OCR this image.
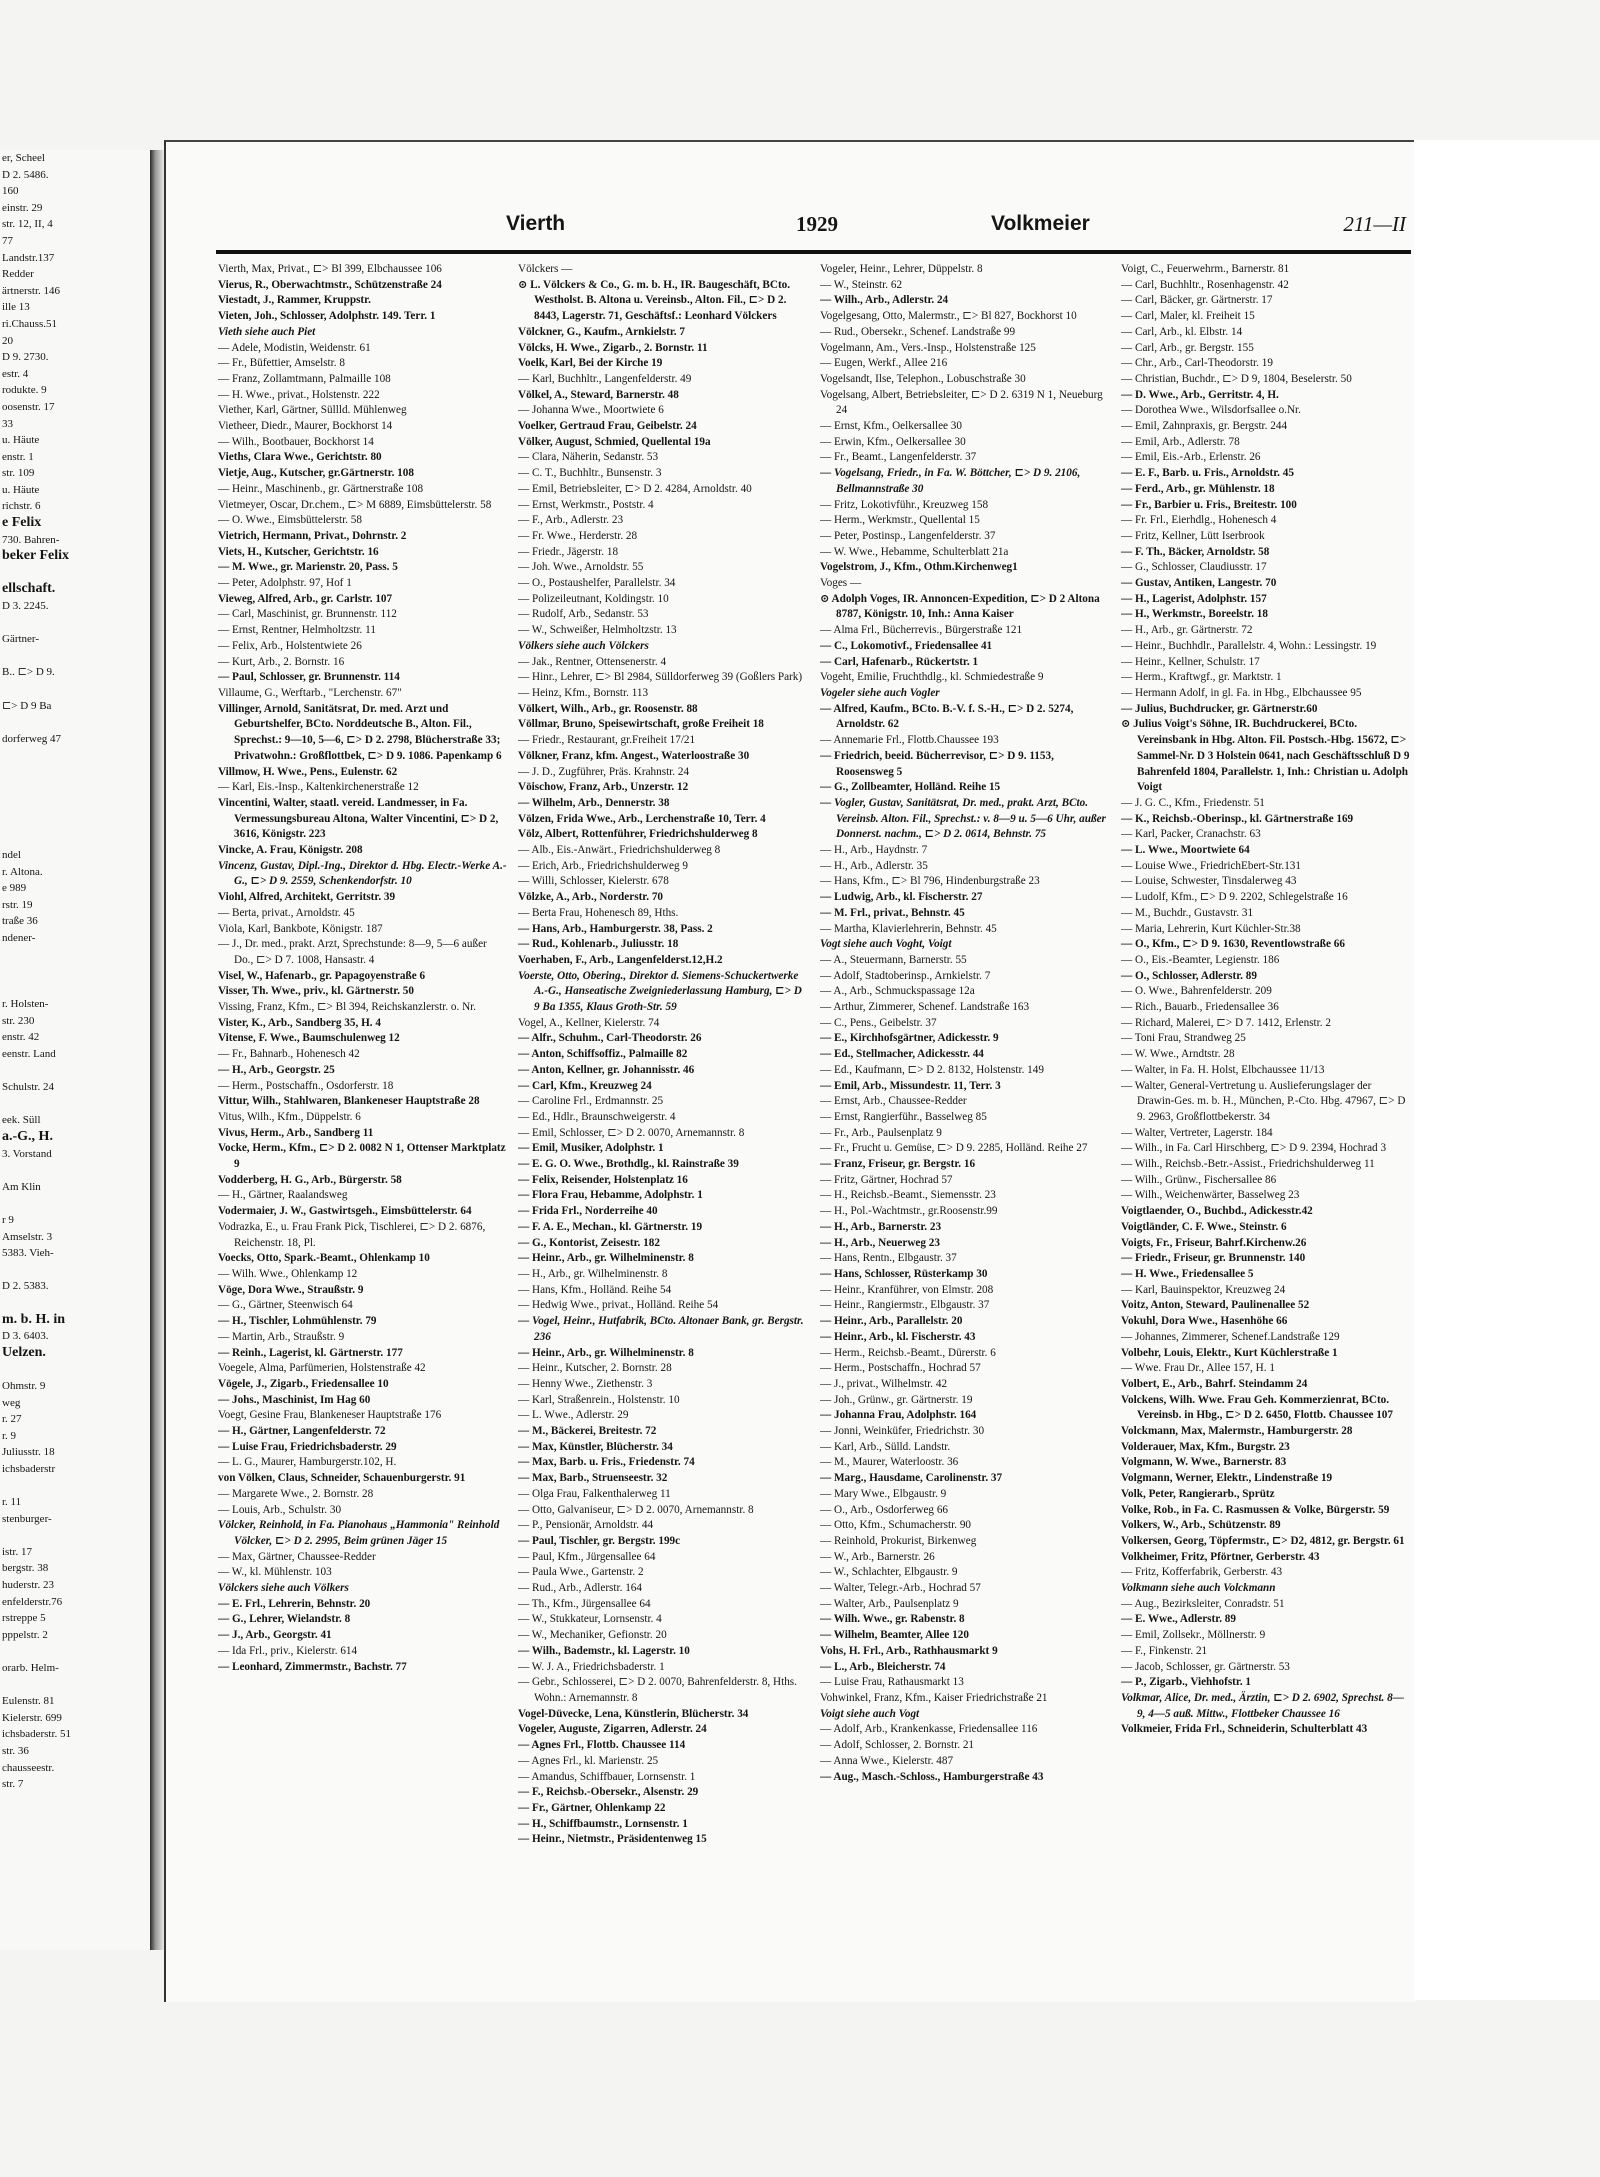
er, Scheel
D 2. 5486.
160
einstr. 29
str. 12, II, 4
77
Landstr.137
Redder
ärtnerstr. 146
ille 13
ri.Chauss.51
20
D 9. 2730.
estr. 4
rodukte. 9
oosenstr. 17
33
u. Häute
enstr. 1
str. 109
u. Häute
richstr. 6
e Felix
730. Bahren-
beker Felix

ellschaft.
D 3. 2245.

Gärtner-

B.. ⊏> D 9.

⊏> D 9 Ba

dorferweg 47

ndel
r. Altona.
e 989
rstr. 19
traße 36
ndener-

r. Holsten-
str. 230
enstr. 42
eenstr. Land

Schulstr. 24

eek. Süll
a.-G., H.
3. Vorstand

Am Klin

r 9
Amselstr. 3
5383. Vieh-

D 2. 5383.

m. b. H. in
D 3. 6403.
Uelzen.

Ohmstr. 9
weg
r. 27
r. 9
Juliusstr. 18
ichsbaderstr

r. 11
stenburger-

istr. 17
bergstr. 38
huderstr. 23
enfelderstr.76
rstreppe 5
pppelstr. 2

orarb. Helm-

Eulenstr. 81
Kielerstr. 699
ichsbaderstr. 51
str. 36
chausseestr.
str. 7
Vierth	1929	Volkmeier	211—II
Vierth, Max, Privat., ⊏> Bl 399, Elbchaussee 106
Vierus, R., Oberwachtmstr., Schützenstraße 24
Viestadt, J., Rammer, Kruppstr.
Vieten, Joh., Schlosser, Adolphstr. 149. Terr. 1
Vieth siehe auch Piet
— Adele, Modistin, Weidenstr. 61
— Fr., Büfettier, Amselstr. 8
— Franz, Zollamtmann, Palmaille 108
— H. Wwe., privat., Holstenstr. 222
Viether, Karl, Gärtner, Süllld. Mühlenweg
Vietheer, Diedr., Maurer, Bockhorst 14
— Wilh., Bootbauer, Bockhorst 14
Vieths, Clara Wwe., Gerichtstr. 80
Vietje, Aug., Kutscher, gr.Gärtnerstr. 108
— Heinr., Maschinenb., gr. Gärtnerstraße 108
Vietmeyer, Oscar, Dr.chem., ⊏> M 6889, Eimsbüttelerstr. 58
— O. Wwe., Eimsbüttelerstr. 58
Vietrich, Hermann, Privat., Dohrnstr. 2
Viets, H., Kutscher, Gerichtstr. 16
— M. Wwe., gr. Marienstr. 20, Pass. 5
— Peter, Adolphstr. 97, Hof 1
Vieweg, Alfred, Arb., gr. Carlstr. 107
— Carl, Maschinist, gr. Brunnenstr. 112
— Ernst, Rentner, Helmholtzstr. 11
— Felix, Arb., Holstentwiete 26
— Kurt, Arb., 2. Bornstr. 16
— Paul, Schlosser, gr. Brunnenstr. 114
Villaume, G., Werftarb., "Lerchenstr. 67"
Villinger, Arnold, Sanitätsrat, Dr. med. Arzt und Geburtshelfer, BCto. Norddeutsche B., Alton. Fil., Sprechst.: 9—10, 5—6, ⊏> D 2. 2798, Blücherstraße 33; Privatwohn.: Großflottbek, ⊏> D 9. 1086. Papenkamp 6
Villmow, H. Wwe., Pens., Eulenstr. 62
— Karl, Eis.-Insp., Kaltenkirchenerstraße 12
Vincentini, Walter, staatl. vereid. Landmesser, in Fa. Vermessungsbureau Altona, Walter Vincentini, ⊏> D 2, 3616, Königstr. 223
Vincke, A. Frau, Königstr. 208
Vincenz, Gustav, Dipl.-Ing., Direktor d. Hbg. Electr.-Werke A.-G., ⊏> D 9. 2559, Schenkendorfstr. 10
Viohl, Alfred, Architekt, Gerritstr. 39
— Berta, privat., Arnoldstr. 45
Viola, Karl, Bankbote, Königstr. 187
— J., Dr. med., prakt. Arzt, Sprechstunde: 8—9, 5—6 außer Do., ⊏> D 7. 1008, Hansastr. 4
Visel, W., Hafenarb., gr. Papagoyenstraße 6
Visser, Th. Wwe., priv., kl. Gärtnerstr. 50
Vissing, Franz, Kfm., ⊏> Bl 394, Reichskanzlerstr. o. Nr.
Vister, K., Arb., Sandberg 35, H. 4
Vitense, F. Wwe., Baumschulenweg 12
— Fr., Bahnarb., Hohenesch 42
— H., Arb., Georgstr. 25
— Herm., Postschaffn., Osdorferstr. 18
Vittur, Wilh., Stahlwaren, Blankeneser Hauptstraße 28
Vitus, Wilh., Kfm., Düppelstr. 6
Vivus, Herm., Arb., Sandberg 11
Vocke, Herm., Kfm., ⊏> D 2. 0082 N 1, Ottenser Marktplatz 9
Vodderberg, H. G., Arb., Bürgerstr. 58
— H., Gärtner, Raalandsweg
Vodermaier, J. W., Gastwirtsgeh., Eimsbüttelerstr. 64
Vodrazka, E., u. Frau Frank Pick, Tischlerei, ⊏> D 2. 6876, Reichenstr. 18, Pl.
Voecks, Otto, Spark.-Beamt., Ohlenkamp 10
— Wilh. Wwe., Ohlenkamp 12
Vöge, Dora Wwe., Straußstr. 9
— G., Gärtner, Steenwisch 64
— H., Tischler, Lohmühlenstr. 79
— Martin, Arb., Straußstr. 9
— Reinh., Lagerist, kl. Gärtnerstr. 177
Voegele, Alma, Parfümerien, Holstenstraße 42
Vögele, J., Zigarb., Friedensallee 10
— Johs., Maschinist, Im Hag 60
Voegt, Gesine Frau, Blankeneser Hauptstraße 176
— H., Gärtner, Langenfelderstr. 72
— Luise Frau, Friedrichsbaderstr. 29
— L. G., Maurer, Hamburgerstr.102, H.
von Völken, Claus, Schneider, Schauenburgerstr. 91
— Margarete Wwe., 2. Bornstr. 28
— Louis, Arb., Schulstr. 30
Völcker, Reinhold, in Fa. Pianohaus „Hammonia" Reinhold Völcker, ⊏> D 2. 2995, Beim grünen Jäger 15
— Max, Gärtner, Chaussee-Redder
— W., kl. Mühlenstr. 103
Völckers siehe auch Völkers
— E. Frl., Lehrerin, Behnstr. 20
— G., Lehrer, Wielandstr. 8
— J., Arb., Georgstr. 41
— Ida Frl., priv., Kielerstr. 614
— Leonhard, Zimmermstr., Bachstr. 77
Völckers —
⊙ L. Völckers & Co., G. m. b. H., IR. Baugeschäft, BCto. Westholst. B. Altona u. Vereinsb., Alton. Fil., ⊏> D 2. 8443, Lagerstr. 71, Geschäftsf.: Leonhard Völckers
Völckner, G., Kaufm., Arnkielstr. 7
Völcks, H. Wwe., Zigarb., 2. Bornstr. 11
Voelk, Karl, Bei der Kirche 19
— Karl, Buchhltr., Langenfelderstr. 49
Völkel, A., Steward, Barnerstr. 48
— Johanna Wwe., Moortwiete 6
Voelker, Gertraud Frau, Geibelstr. 24
Völker, August, Schmied, Quellental 19a
— Clara, Näherin, Sedanstr. 53
— C. T., Buchhltr., Bunsenstr. 3
— Emil, Betriebsleiter, ⊏> D 2. 4284, Arnoldstr. 40
— Ernst, Werkmstr., Poststr. 4
— F., Arb., Adlerstr. 23
— Fr. Wwe., Herderstr. 28
— Friedr., Jägerstr. 18
— Joh. Wwe., Arnoldstr. 55
— O., Postaushelfer, Parallelstr. 34
— Polizeileutnant, Koldingstr. 10
— Rudolf, Arb., Sedanstr. 53
— W., Schweißer, Helmholtzstr. 13
Völkers siehe auch Völckers
— Jak., Rentner, Ottensenerstr. 4
— Hinr., Lehrer, ⊏> Bl 2984, Sülldorferweg 39 (Goßlers Park)
— Heinz, Kfm., Bornstr. 113
Völkert, Wilh., Arb., gr. Roosenstr. 88
Völlmar, Bruno, Speisewirtschaft, große Freiheit 18
— Friedr., Restaurant, gr.Freiheit 17/21
Völkner, Franz, kfm. Angest., Waterloostraße 30
— J. D., Zugführer, Präs. Krahnstr. 24
Vöischow, Franz, Arb., Unzerstr. 12
— Wilhelm, Arb., Dennerstr. 38
Völzen, Frida Wwe., Arb., Lerchenstraße 10, Terr. 4
Völz, Albert, Rottenführer, Friedrichshulderweg 8
— Alb., Eis.-Anwärt., Friedrichshulderweg 8
— Erich, Arb., Friedrichshulderweg 9
— Willi, Schlosser, Kielerstr. 678
Völzke, A., Arb., Norderstr. 70
— Berta Frau, Hohenesch 89, Hths.
— Hans, Arb., Hamburgerstr. 38, Pass. 2
— Rud., Kohlenarb., Juliusstr. 18
Voerhaben, F., Arb., Langenfelderst.12,H.2
Voerste, Otto, Obering., Direktor d. Siemens-Schuckertwerke A.-G., Hanseatische Zweigniederlassung Hamburg, ⊏> D 9 Ba 1355, Klaus Groth-Str. 59
Vogel, A., Kellner, Kielerstr. 74
— Alfr., Schuhm., Carl-Theodorstr. 26
— Anton, Schiffsoffiz., Palmaille 82
— Anton, Kellner, gr. Johannisstr. 46
— Carl, Kfm., Kreuzweg 24
— Caroline Frl., Erdmannstr. 25
— Ed., Hdlr., Braunschweigerstr. 4
— Emil, Schlosser, ⊏> D 2. 0070, Arnemannstr. 8
— Emil, Musiker, Adolphstr. 1
— E. G. O. Wwe., Brothdlg., kl. Rainstraße 39
— Felix, Reisender, Holstenplatz 16
— Flora Frau, Hebamme, Adolphstr. 1
— Frida Frl., Norderreihe 40
— F. A. E., Mechan., kl. Gärtnerstr. 19
— G., Kontorist, Zeisestr. 182
— Heinr., Arb., gr. Wilhelminenstr. 8
— H., Arb., gr. Wilhelminenstr. 8
— Hans, Kfm., Holländ. Reihe 54
— Hedwig Wwe., privat., Holländ. Reihe 54
— Vogel, Heinr., Hutfabrik, BCto. Altonaer Bank, gr. Bergstr. 236
— Heinr., Arb., gr. Wilhelminenstr. 8
— Heinr., Kutscher, 2. Bornstr. 28
— Henny Wwe., Ziethenstr. 3
— Karl, Straßenrein., Holstenstr. 10
— L. Wwe., Adlerstr. 29
— M., Bäckerei, Breitestr. 72
— Max, Künstler, Blücherstr. 34
— Max, Barb. u. Fris., Friedenstr. 74
— Max, Barb., Struenseestr. 32
— Olga Frau, Falkenthalerweg 11
— Otto, Galvaniseur, ⊏> D 2. 0070, Arnemannstr. 8
— P., Pensionär, Arnoldstr. 44
— Paul, Tischler, gr. Bergstr. 199c
— Paul, Kfm., Jürgensallee 64
— Paula Wwe., Gartenstr. 2
— Rud., Arb., Adlerstr. 164
— Th., Kfm., Jürgensallee 64
— W., Stukkateur, Lornsenstr. 4
— W., Mechaniker, Gefionstr. 20
— Wilh., Bademstr., kl. Lagerstr. 10
— W. J. A., Friedrichsbaderstr. 1
— Gebr., Schlosserei, ⊏> D 2. 0070, Bahrenfelderstr. 8, Hths. Wohn.: Arnemannstr. 8
Vogel-Düvecke, Lena, Künstlerin, Blücherstr. 34
Vogeler, Auguste, Zigarren, Adlerstr. 24
— Agnes Frl., Flottb. Chaussee 114
— Agnes Frl., kl. Marienstr. 25
— Amandus, Schiffbauer, Lornsenstr. 1
— F., Reichsb.-Obersekr., Alsenstr. 29
— Fr., Gärtner, Ohlenkamp 22
— H., Schiffbaumstr., Lornsenstr. 1
— Heinr., Nietmstr., Präsidentenweg 15
Vogeler, Heinr., Lehrer, Düppelstr. 8
— W., Steinstr. 62
— Wilh., Arb., Adlerstr. 24
Vogelgesang, Otto, Malermstr., ⊏> Bl 827, Bockhorst 10
— Rud., Obersekr., Schenef. Landstraße 99
Vogelmann, Am., Vers.-Insp., Holstenstraße 125
— Eugen, Werkf., Allee 216
Vogelsandt, Ilse, Telephon., Lobuschstraße 30
Vogelsang, Albert, Betriebsleiter, ⊏> D 2. 6319 N 1, Neueburg 24
— Ernst, Kfm., Oelkersallee 30
— Erwin, Kfm., Oelkersallee 30
— Fr., Beamt., Langenfelderstr. 37
— Vogelsang, Friedr., in Fa. W. Böttcher, ⊏> D 9. 2106, Bellmannstraße 30
— Fritz, Lokotivführ., Kreuzweg 158
— Herm., Werkmstr., Quellental 15
— Peter, Postinsp., Langenfelderstr. 37
— W. Wwe., Hebamme, Schulterblatt 21a
Vogelstrom, J., Kfm., Othm.Kirchenweg1
Voges —
⊙ Adolph Voges, IR. Annoncen-Expedition, ⊏> D 2 Altona 8787, Königstr. 10, Inh.: Anna Kaiser
— Alma Frl., Bücherrevis., Bürgerstraße 121
— C., Lokomotivf., Friedensallee 41
— Carl, Hafenarb., Rückertstr. 1
Vogeht, Emilie, Fruchthdlg., kl. Schmiedestraße 9
Vogeler siehe auch Vogler
— Alfred, Kaufm., BCto. B.-V. f. S.-H., ⊏> D 2. 5274, Arnoldstr. 62
— Annemarie Frl., Flottb.Chaussee 193
— Friedrich, beeid. Bücherrevisor, ⊏> D 9. 1153, Roosensweg 5
— G., Zollbeamter, Holländ. Reihe 15
— Vogler, Gustav, Sanitätsrat, Dr. med., prakt. Arzt, BCto. Vereinsb. Alton. Fil., Sprechst.: v. 8—9 u. 5—6 Uhr, außer Donnerst. nachm., ⊏> D 2. 0614, Behnstr. 75
— H., Arb., Haydnstr. 7
— H., Arb., Adlerstr. 35
— Hans, Kfm., ⊏> Bl 796, Hindenburgstraße 23
— Ludwig, Arb., kl. Fischerstr. 27
— M. Frl., privat., Behnstr. 45
— Martha, Klavierlehrerin, Behnstr. 45
Vogt siehe auch Voght, Voigt
— A., Steuermann, Barnerstr. 55
— Adolf, Stadtoberinsp., Arnkielstr. 7
— A., Arb., Schmuckspassage 12a
— Arthur, Zimmerer, Schenef. Landstraße 163
— C., Pens., Geibelstr. 37
— E., Kirchhofsgärtner, Adickesstr. 9
— Ed., Stellmacher, Adickesstr. 44
— Ed., Kaufmann, ⊏> D 2. 8132, Holstenstr. 149
— Emil, Arb., Missundestr. 11, Terr. 3
— Ernst, Arb., Chaussee-Redder
— Ernst, Rangierführ., Basselweg 85
— Fr., Arb., Paulsenplatz 9
— Fr., Frucht u. Gemüse, ⊏> D 9. 2285, Holländ. Reihe 27
— Franz, Friseur, gr. Bergstr. 16
— Fritz, Gärtner, Hochrad 57
— H., Reichsb.-Beamt., Siemensstr. 23
— H., Pol.-Wachtmstr., gr.Roosenstr.99
— H., Arb., Barnerstr. 23
— H., Arb., Neuerweg 23
— Hans, Rentn., Elbgaustr. 37
— Hans, Schlosser, Rüsterkamp 30
— Heinr., Kranführer, von Elmstr. 208
— Heinr., Rangiermstr., Elbgaustr. 37
— Heinr., Arb., Parallelstr. 20
— Heinr., Arb., kl. Fischerstr. 43
— Herm., Reichsb.-Beamt., Dürerstr. 6
— Herm., Postschaffn., Hochrad 57
— J., privat., Wilhelmstr. 42
— Joh., Grünw., gr. Gärtnerstr. 19
— Johanna Frau, Adolphstr. 164
— Jonni, Weinküfer, Friedrichstr. 30
— Karl, Arb., Sülld. Landstr.
— M., Maurer, Waterloostr. 36
— Marg., Hausdame, Carolinenstr. 37
— Mary Wwe., Elbgaustr. 9
— O., Arb., Osdorferweg 66
— Otto, Kfm., Schumacherstr. 90
— Reinhold, Prokurist, Birkenweg
— W., Arb., Barnerstr. 26
— W., Schlachter, Elbgaustr. 9
— Walter, Telegr.-Arb., Hochrad 57
— Walter, Arb., Paulsenplatz 9
— Wilh. Wwe., gr. Rabenstr. 8
— Wilhelm, Beamter, Allee 120
Vohs, H. Frl., Arb., Rathhausmarkt 9
— L., Arb., Bleicherstr. 74
— Luise Frau, Rathausmarkt 13
Vohwinkel, Franz, Kfm., Kaiser Friedrichstraße 21
Voigt siehe auch Vogt
— Adolf, Arb., Krankenkasse, Friedensallee 116
— Adolf, Schlosser, 2. Bornstr. 21
— Anna Wwe., Kielerstr. 487
— Aug., Masch.-Schloss., Hamburgerstraße 43
Voigt, C., Feuerwehrm., Barnerstr. 81
— Carl, Buchhltr., Rosenhagenstr. 42
— Carl, Bäcker, gr. Gärtnerstr. 17
— Carl, Maler, kl. Freiheit 15
— Carl, Arb., kl. Elbstr. 14
— Carl, Arb., gr. Bergstr. 155
— Chr., Arb., Carl-Theodorstr. 19
— Christian, Buchdr., ⊏> D 9, 1804, Beselerstr. 50
— D. Wwe., Arb., Gerritstr. 4, H.
— Dorothea Wwe., Wilsdorfsallee o.Nr.
— Emil, Zahnpraxis, gr. Bergstr. 244
— Emil, Arb., Adlerstr. 78
— Emil, Eis.-Arb., Erlenstr. 26
— E. F., Barb. u. Fris., Arnoldstr. 45
— Ferd., Arb., gr. Mühlenstr. 18
— Fr., Barbier u. Fris., Breitestr. 100
— Fr. Frl., Eierhdlg., Hohenesch 4
— Fritz, Kellner, Lütt Iserbrook
— F. Th., Bäcker, Arnoldstr. 58
— G., Schlosser, Claudiusstr. 17
— Gustav, Antiken, Langestr. 70
— H., Lagerist, Adolphstr. 157
— H., Werkmstr., Boreelstr. 18
— H., Arb., gr. Gärtnerstr. 72
— Heinr., Buchhdlr., Parallelstr. 4, Wohn.: Lessingstr. 19
— Heinr., Kellner, Schulstr. 17
— Herm., Kraftwgf., gr. Marktstr. 1
— Hermann Adolf, in gl. Fa. in Hbg., Elbchaussee 95
— Julius, Buchdrucker, gr. Gärtnerstr.60
⊙ Julius Voigt's Söhne, IR. Buchdruckerei, BCto. Vereinsbank in Hbg. Alton. Fil. Postsch.-Hbg. 15672, ⊏> Sammel-Nr. D 3 Holstein 0641, nach Geschäftsschluß D 9 Bahrenfeld 1804, Parallelstr. 1, Inh.: Christian u. Adolph Voigt
— J. G. C., Kfm., Friedenstr. 51
— K., Reichsb.-Oberinsp., kl. Gärtnerstraße 169
— Karl, Packer, Cranachstr. 63
— L. Wwe., Moortwiete 64
— Louise Wwe., FriedrichEbert-Str.131
— Louise, Schwester, Tinsdalerweg 43
— Ludolf, Kfm., ⊏> D 9. 2202, Schlegelstraße 16
— M., Buchdr., Gustavstr. 31
— Maria, Lehrerin, Kurt Küchler-Str.38
— O., Kfm., ⊏> D 9. 1630, Reventlowstraße 66
— O., Eis.-Beamter, Legienstr. 186
— O., Schlosser, Adlerstr. 89
— O. Wwe., Bahrenfelderstr. 209
— Rich., Bauarb., Friedensallee 36
— Richard, Malerei, ⊏> D 7. 1412, Erlenstr. 2
— Toni Frau, Strandweg 25
— W. Wwe., Arndtstr. 28
— Walter, in Fa. H. Holst, Elbchaussee 11/13
— Walter, General-Vertretung u. Auslieferungslager der Drawin-Ges. m. b. H., München, P.-Cto. Hbg. 47967, ⊏> D 9. 2963, Großflottbekerstr. 34
— Walter, Vertreter, Lagerstr. 184
— Wilh., in Fa. Carl Hirschberg, ⊏> D 9. 2394, Hochrad 3
— Wilh., Reichsb.-Betr.-Assist., Friedrichshulderweg 11
— Wilh., Grünw., Fischersallee 86
— Wilh., Weichenwärter, Basselweg 23
Voigtlaender, O., Buchbd., Adickesstr.42
Voigtländer, C. F. Wwe., Steinstr. 6
Voigts, Fr., Friseur, Bahrf.Kirchenw.26
— Friedr., Friseur, gr. Brunnenstr. 140
— H. Wwe., Friedensallee 5
— Karl, Bauinspektor, Kreuzweg 24
Voitz, Anton, Steward, Paulinenallee 52
Vokuhl, Dora Wwe., Hasenhöhe 66
— Johannes, Zimmerer, Schenef.Landstraße 129
Volbehr, Louis, Elektr., Kurt Küchlerstraße 1
— Wwe. Frau Dr., Allee 157, H. 1
Volbert, E., Arb., Bahrf. Steindamm 24
Volckens, Wilh. Wwe. Frau Geh. Kommerzienrat, BCto. Vereinsb. in Hbg., ⊏> D 2. 6450, Flottb. Chaussee 107
Volckmann, Max, Malermstr., Hamburgerstr. 28
Volderauer, Max, Kfm., Burgstr. 23
Volgmann, W. Wwe., Barnerstr. 83
Volgmann, Werner, Elektr., Lindenstraße 19
Volk, Peter, Rangierarb., Sprütz
Volke, Rob., in Fa. C. Rasmussen & Volke, Bürgerstr. 59
Volkers, W., Arb., Schützenstr. 89
Volkersen, Georg, Töpfermstr., ⊏> D2, 4812, gr. Bergstr. 61
Volkheimer, Fritz, Pförtner, Gerberstr. 43
— Fritz, Kofferfabrik, Gerberstr. 43
Volkmann siehe auch Volckmann
— Aug., Bezirksleiter, Conradstr. 51
— E. Wwe., Adlerstr. 89
— Emil, Zollsekr., Möllnerstr. 9
— F., Finkenstr. 21
— Jacob, Schlosser, gr. Gärtnerstr. 53
— P., Zigarb., Viehhofstr. 1
Volkmar, Alice, Dr. med., Ärztin, ⊏> D 2. 6902, Sprechst. 8—9, 4—5 auß. Mittw., Flottbeker Chaussee 16
Volkmeier, Frida Frl., Schneiderin, Schulterblatt 43
